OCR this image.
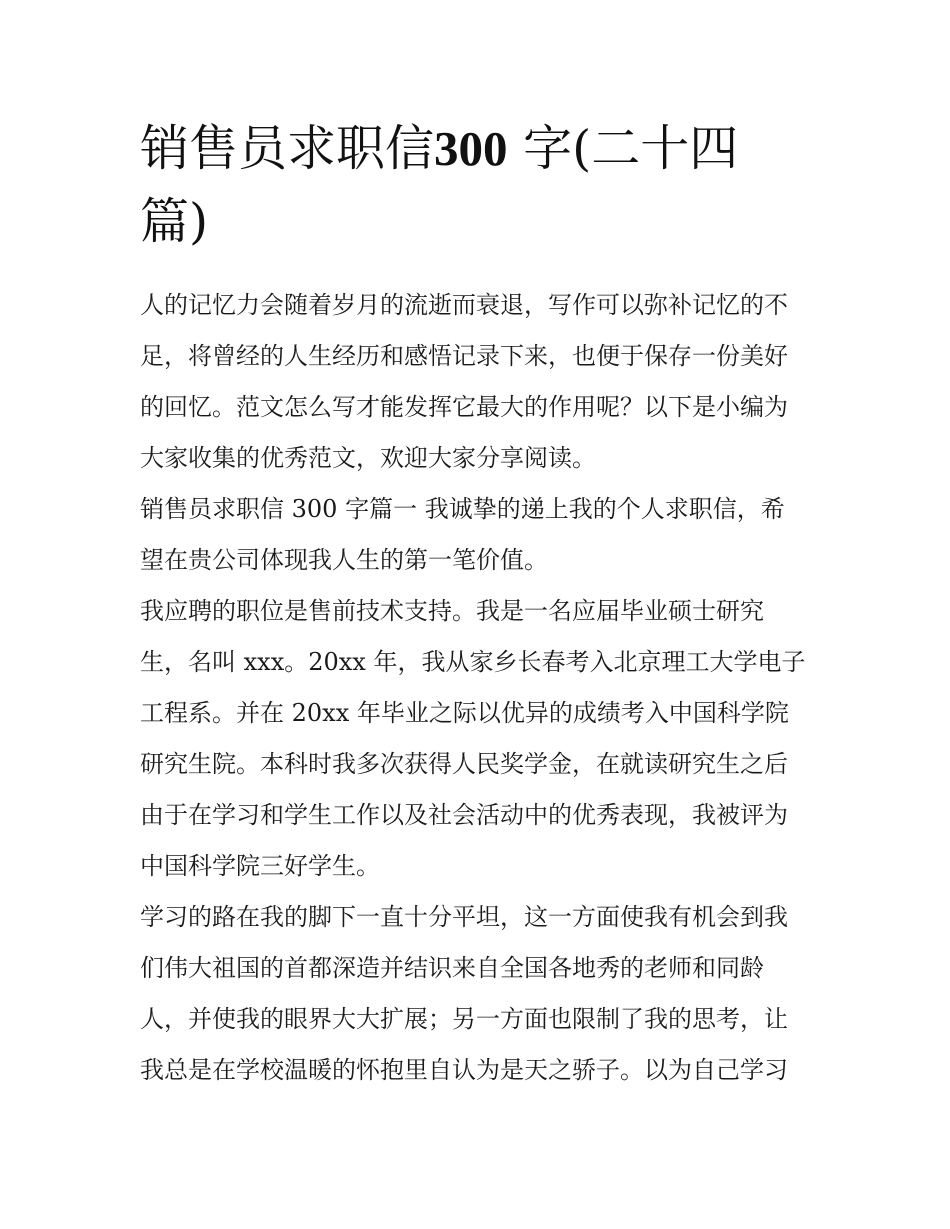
销售员求职信300 字(二十四
篇)

人的记忆力会随着岁月的流逝而衰退，写作可以弥补记忆的不
足，将曾经的人生经历和感悟记录下来，也便于保存一份美好
的回忆。范文怎么写才能发挥它最大的作用呢？以下是小编为
大家收集的优秀范文，欢迎大家分享阅读。

销售员求职信 300 字篇一 我诚挚的递上我的个人求职信，希
望在贵公司体现我人生的第一笔价值。

我应聘的职位是售前技术支持。我是一名应届毕业硕士研究
生，名叫 xxx。20xx 年，我从家乡长春考入北京理工大学电子
工程系。并在 20xx 年毕业之际以优异的成绩考入中国科学院
研究生院。本科时我多次获得人民奖学金，在就读研究生之后
由于在学习和学生工作以及社会活动中的优秀表现，我被评为
中国科学院三好学生。

学习的路在我的脚下一直十分平坦，这一方面使我有机会到我
们伟大祖国的首都深造并结识来自全国各地秀的老师和同龄
人，并使我的眼界大大扩展；另一方面也限制了我的思考，让
我总是在学校温暖的怀抱里自认为是天之骄子。以为自己学习
